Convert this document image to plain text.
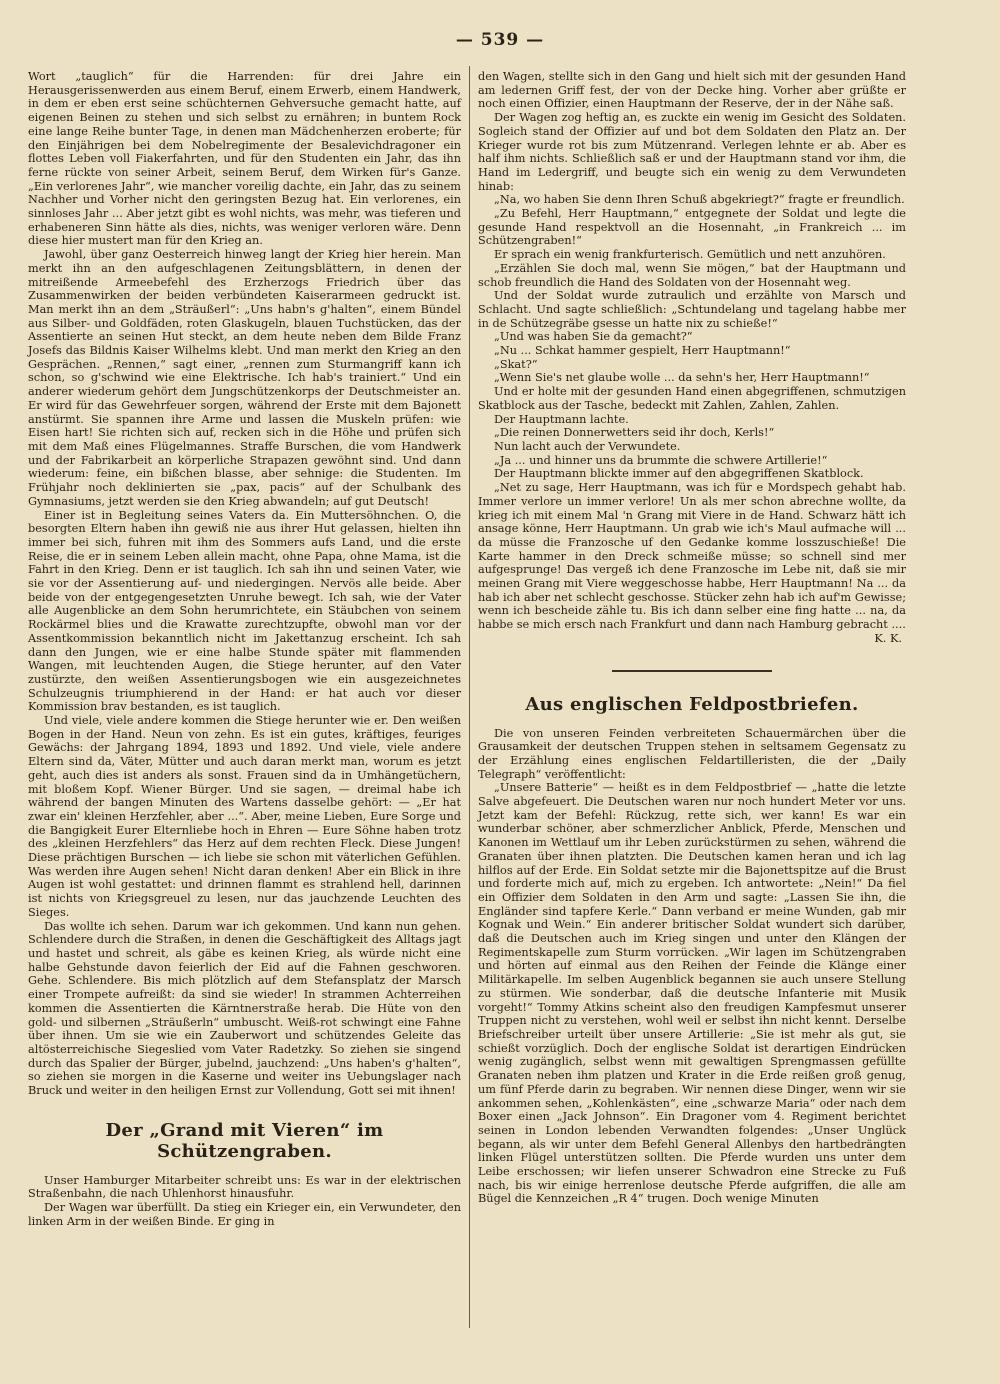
— 539 —

Wort „tauglich“ für die Harrenden: für drei Jahre ein Herausgerissenwerden aus einem Beruf, einem Erwerb, einem Handwerk, in dem er eben erst seine schüchternen Gehversuche gemacht hatte, auf eigenen Beinen zu stehen und sich selbst zu ernähren; in buntem Rock eine lange Reihe bunter Tage, in denen man Mädchenherzen eroberte; für den Einjährigen bei dem Nobelregimente der Besalevichdragoner ein flottes Leben voll Fiakerfahrten, und für den Studenten ein Jahr, das ihn ferne rückte von seiner Arbeit, seinem Beruf, dem Wirken für's Ganze. „Ein verlorenes Jahr“, wie mancher voreilig dachte, ein Jahr, das zu seinem Nachher und Vorher nicht den geringsten Bezug hat. Ein verlorenes, ein sinnloses Jahr ... Aber jetzt gibt es wohl nichts, was mehr, was tieferen und erhabeneren Sinn hätte als dies, nichts, was weniger verloren wäre. Denn diese hier mustert man für den Krieg an.

Jawohl, über ganz Oesterreich hinweg langt der Krieg hier herein. Man merkt ihn an den aufgeschlagenen Zeitungsblättern, in denen der mitreißende Armeebefehl des Erzherzogs Friedrich über das Zusammenwirken der beiden verbündeten Kaiserarmeen gedruckt ist. Man merkt ihn an dem „Sträußerl“: „Uns habn's g'halten“, einem Bündel aus Silber- und Goldfäden, roten Glaskugeln, blauen Tuchstücken, das der Assentierte an seinen Hut steckt, an dem heute neben dem Bilde Franz Josefs das Bildnis Kaiser Wilhelms klebt. Und man merkt den Krieg an den Gesprächen. „Rennen,“ sagt einer, „rennen zum Sturmangriff kann ich schon, so g'schwind wie eine Elektrische. Ich hab's trainiert.“ Und ein anderer wiederum gehört dem Jungschützenkorps der Deutschmeister an. Er wird für das Gewehrfeuer sorgen, während der Erste mit dem Bajonett anstürmt. Sie spannen ihre Arme und lassen die Muskeln prüfen: wie Eisen hart! Sie richten sich auf, recken sich in die Höhe und prüfen sich mit dem Maß eines Flügelmannes. Straffe Burschen, die vom Handwerk und der Fabrikarbeit an körperliche Strapazen gewöhnt sind. Und dann wiederum: feine, ein bißchen blasse, aber sehnige: die Studenten. Im Frühjahr noch deklinierten sie „pax, pacis“ auf der Schulbank des Gymnasiums, jetzt werden sie den Krieg abwandeln; auf gut Deutsch!

Einer ist in Begleitung seines Vaters da. Ein Muttersöhnchen. O, die besorgten Eltern haben ihn gewiß nie aus ihrer Hut gelassen, hielten ihn immer bei sich, fuhren mit ihm des Sommers aufs Land, und die erste Reise, die er in seinem Leben allein macht, ohne Papa, ohne Mama, ist die Fahrt in den Krieg. Denn er ist tauglich. Ich sah ihn und seinen Vater, wie sie vor der Assentierung auf- und niedergingen. Nervös alle beide. Aber beide von der entgegengesetzten Unruhe bewegt. Ich sah, wie der Vater alle Augenblicke an dem Sohn herumrichtete, ein Stäubchen von seinem Rockärmel blies und die Krawatte zurechtzupfte, obwohl man vor der Assentkommission bekanntlich nicht im Jakettanzug erscheint. Ich sah dann den Jungen, wie er eine halbe Stunde später mit flammenden Wangen, mit leuchtenden Augen, die Stiege herunter, auf den Vater zustürzte, den weißen Assentierungsbogen wie ein ausgezeichnetes Schulzeugnis triumphierend in der Hand: er hat auch vor dieser Kommission brav bestanden, es ist tauglich.

Und viele, viele andere kommen die Stiege herunter wie er. Den weißen Bogen in der Hand. Neun von zehn. Es ist ein gutes, kräftiges, feuriges Gewächs: der Jahrgang 1894, 1893 und 1892. Und viele, viele andere Eltern sind da, Väter, Mütter und auch daran merkt man, worum es jetzt geht, auch dies ist anders als sonst. Frauen sind da in Umhängetüchern, mit bloßem Kopf. Wiener Bürger. Und sie sagen, — dreimal habe ich während der bangen Minuten des Wartens dasselbe gehört: — „Er hat zwar ein' kleinen Herzfehler, aber ...“. Aber, meine Lieben, Eure Sorge und die Bangigkeit Eurer Elternliebe hoch in Ehren — Eure Söhne haben trotz des „kleinen Herzfehlers“ das Herz auf dem rechten Fleck. Diese Jungen! Diese prächtigen Burschen — ich liebe sie schon mit väterlichen Gefühlen. Was werden ihre Augen sehen! Nicht daran denken! Aber ein Blick in ihre Augen ist wohl gestattet: und drinnen flammt es strahlend hell, darinnen ist nichts von Kriegsgreuel zu lesen, nur das jauchzende Leuchten des Sieges.

Das wollte ich sehen. Darum war ich gekommen. Und kann nun gehen. Schlendere durch die Straßen, in denen die Geschäftigkeit des Alltags jagt und hastet und schreit, als gäbe es keinen Krieg, als würde nicht eine halbe Gehstunde davon feierlich der Eid auf die Fahnen geschworen. Gehe. Schlendere. Bis mich plötzlich auf dem Stefansplatz der Marsch einer Trompete aufreißt: da sind sie wieder! In strammen Achterreihen kommen die Assentierten die Kärntnerstraße herab. Die Hüte von den gold- und silbernen „Sträußerln“ umbuscht. Weiß-rot schwingt eine Fahne über ihnen. Um sie wie ein Zauberwort und schützendes Geleite das altösterreichische Siegeslied vom Vater Radetzky. So ziehen sie singend durch das Spalier der Bürger, jubelnd, jauchzend: „Uns haben's g'halten“, so ziehen sie morgen in die Kaserne und weiter ins Uebungslager nach Bruck und weiter in den heiligen Ernst zur Vollendung, Gott sei mit ihnen!

Der „Grand mit Vieren“ im Schützengraben.

Unser Hamburger Mitarbeiter schreibt uns: Es war in der elektrischen Straßenbahn, die nach Uhlenhorst hinausfuhr.

Der Wagen war überfüllt. Da stieg ein Krieger ein, ein Verwundeter, den linken Arm in der weißen Binde. Er ging in

den Wagen, stellte sich in den Gang und hielt sich mit der gesunden Hand am ledernen Griff fest, der von der Decke hing. Vorher aber grüßte er noch einen Offizier, einen Hauptmann der Reserve, der in der Nähe saß.

Der Wagen zog heftig an, es zuckte ein wenig im Gesicht des Soldaten. Sogleich stand der Offizier auf und bot dem Soldaten den Platz an. Der Krieger wurde rot bis zum Mützenrand. Verlegen lehnte er ab. Aber es half ihm nichts. Schließlich saß er und der Hauptmann stand vor ihm, die Hand im Ledergriff, und beugte sich ein wenig zu dem Verwundeten hinab:

„Na, wo haben Sie denn Ihren Schuß abgekriegt?“ fragte er freundlich.

„Zu Befehl, Herr Hauptmann,“ entgegnete der Soldat und legte die gesunde Hand respektvoll an die Hosennaht, „in Frankreich ... im Schützengraben!“

Er sprach ein wenig frankfurterisch. Gemütlich und nett anzuhören.

„Erzählen Sie doch mal, wenn Sie mögen,“ bat der Hauptmann und schob freundlich die Hand des Soldaten von der Hosennaht weg.

Und der Soldat wurde zutraulich und erzählte von Marsch und Schlacht. Und sagte schließlich: „Schtundelang und tagelang habbe mer in de Schützegräbe gsesse un hatte nix zu schieße!“

„Und was haben Sie da gemacht?“

„Nu ... Schkat hammer gespielt, Herr Hauptmann!“

„Skat?“

„Wenn Sie's net glaube wolle ... da sehn's her, Herr Hauptmann!“

Und er holte mit der gesunden Hand einen abgegriffenen, schmutzigen Skatblock aus der Tasche, bedeckt mit Zahlen, Zahlen, Zahlen.

Der Hauptmann lachte.

„Die reinen Donnerwetters seid ihr doch, Kerls!“

Nun lacht auch der Verwundete.

„Ja ... und hinner uns da brummte die schwere Artillerie!“

Der Hauptmann blickte immer auf den abgegriffenen Skatblock.

„Net zu sage, Herr Hauptmann, was ich für e Mordspech gehabt hab. Immer verlore un immer verlore! Un als mer schon abrechne wollte, da krieg ich mit einem Mal 'n Grang mit Viere in de Hand. Schwarz hätt ich ansage könne, Herr Hauptmann. Un grab wie ich's Maul aufmache will ... da müsse die Franzosche uf den Gedanke komme losszuschieße! Die Karte hammer in den Dreck schmeiße müsse; so schnell sind mer aufgesprunge! Das vergeß ich dene Franzosche im Lebe nit, daß sie mir meinen Grang mit Viere weggeschosse habbe, Herr Hauptmann! Na ... da hab ich aber net schlecht geschosse. Stücker zehn hab ich auf'm Gewisse; wenn ich bescheide zähle tu. Bis ich dann selber eine fing hatte ... na, da habbe se mich ersch nach Frankfurt und dann nach Hamburg gebracht ....

K. K.

Aus englischen Feldpostbriefen.

Die von unseren Feinden verbreiteten Schauermärchen über die Grausamkeit der deutschen Truppen stehen in seltsamem Gegensatz zu der Erzählung eines englischen Feldartilleristen, die der „Daily Telegraph“ veröffentlicht:

„Unsere Batterie“ — heißt es in dem Feldpostbrief — „hatte die letzte Salve abgefeuert. Die Deutschen waren nur noch hundert Meter vor uns. Jetzt kam der Befehl: Rückzug, rette sich, wer kann! Es war ein wunderbar schöner, aber schmerzlicher Anblick, Pferde, Menschen und Kanonen im Wettlauf um ihr Leben zurückstürmen zu sehen, während die Granaten über ihnen platzten. Die Deutschen kamen heran und ich lag hilflos auf der Erde. Ein Soldat setzte mir die Bajonettspitze auf die Brust und forderte mich auf, mich zu ergeben. Ich antwortete: „Nein!“ Da fiel ein Offizier dem Soldaten in den Arm und sagte: „Lassen Sie ihn, die Engländer sind tapfere Kerle.“ Dann verband er meine Wunden, gab mir Kognak und Wein.“ Ein anderer britischer Soldat wundert sich darüber, daß die Deutschen auch im Krieg singen und unter den Klängen der Regimentskapelle zum Sturm vorrücken. „Wir lagen im Schützengraben und hörten auf einmal aus den Reihen der Feinde die Klänge einer Militärkapelle. Im selben Augenblick begannen sie auch unsere Stellung zu stürmen. Wie sonderbar, daß die deutsche Infanterie mit Musik vorgeht!“ Tommy Atkins scheint also den freudigen Kampfesmut unserer Truppen nicht zu verstehen, wohl weil er selbst ihn nicht kennt. Derselbe Briefschreiber urteilt über unsere Artillerie: „Sie ist mehr als gut, sie schießt vorzüglich. Doch der englische Soldat ist derartigen Eindrücken wenig zugänglich, selbst wenn mit gewaltigen Sprengmassen gefüllte Granaten neben ihm platzen und Krater in die Erde reißen groß genug, um fünf Pferde darin zu begraben. Wir nennen diese Dinger, wenn wir sie ankommen sehen, „Kohlenkästen“, eine „schwarze Maria“ oder nach dem Boxer einen „Jack Johnson“. Ein Dragoner vom 4. Regiment berichtet seinen in London lebenden Verwandten folgendes: „Unser Unglück begann, als wir unter dem Befehl General Allenbys den hartbedrängten linken Flügel unterstützen sollten. Die Pferde wurden uns unter dem Leibe erschossen; wir liefen unserer Schwadron eine Strecke zu Fuß nach, bis wir einige herrenlose deutsche Pferde aufgriffen, die alle am Bügel die Kennzeichen „R 4“ trugen. Doch wenige Minuten
